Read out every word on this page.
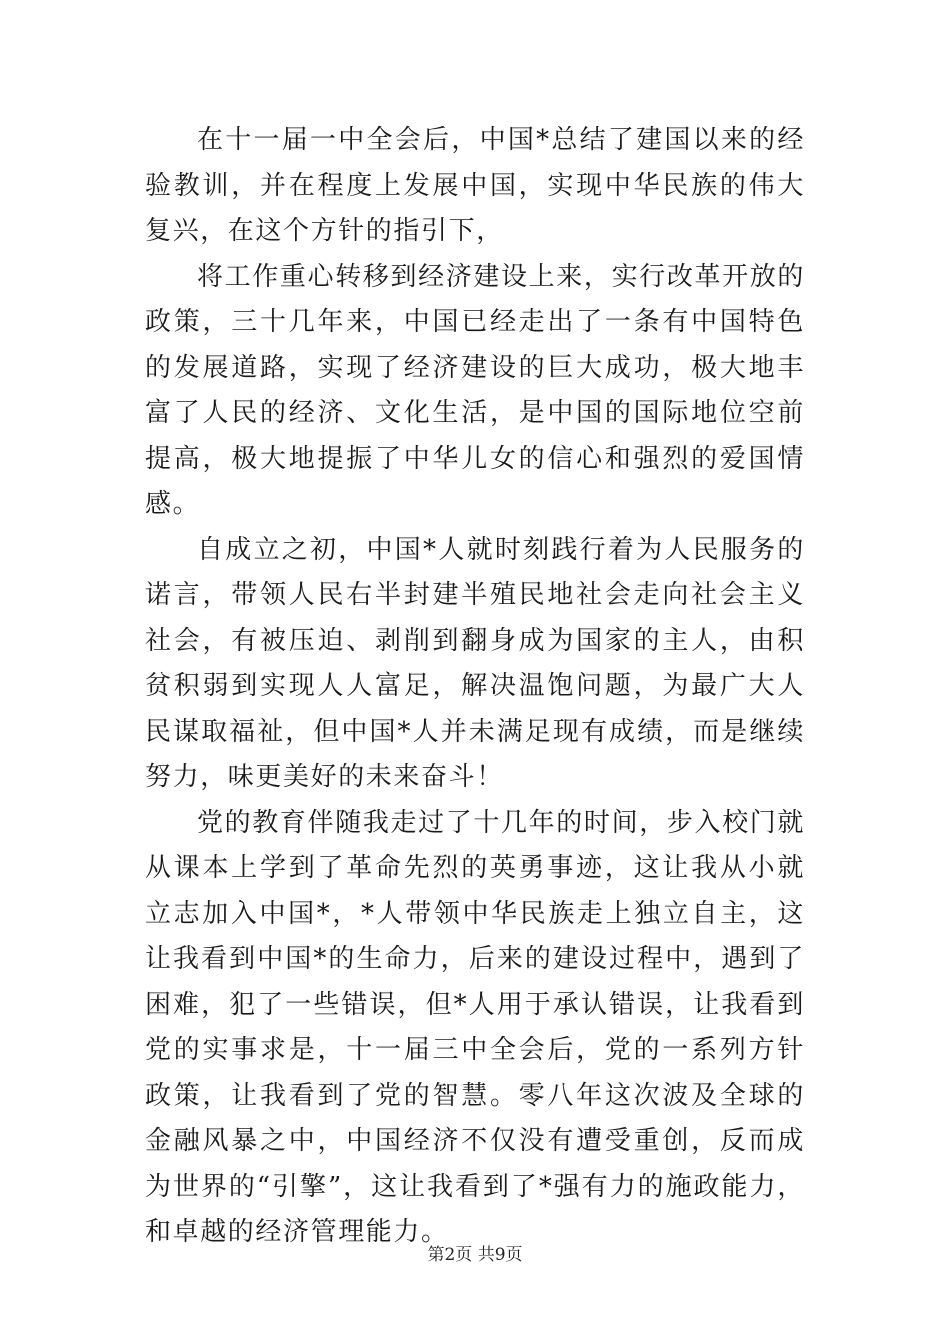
在十一届一中全会后，中国*总结了建国以来的经验教训，并在程度上发展中国，实现中华民族的伟大复兴，在这个方针的指引下，

将工作重心转移到经济建设上来，实行改革开放的政策，三十几年来，中国已经走出了一条有中国特色的发展道路，实现了经济建设的巨大成功，极大地丰富了人民的经济、文化生活，是中国的国际地位空前提高，极大地提振了中华儿女的信心和强烈的爱国情感。

自成立之初，中国*人就时刻践行着为人民服务的诺言，带领人民右半封建半殖民地社会走向社会主义社会，有被压迫、剥削到翻身成为国家的主人，由积贫积弱到实现人人富足，解决温饱问题，为最广大人民谋取福祉，但中国*人并未满足现有成绩，而是继续努力，味更美好的未来奋斗！

党的教育伴随我走过了十几年的时间，步入校门就从课本上学到了革命先烈的英勇事迹，这让我从小就立志加入中国*，*人带领中华民族走上独立自主，这让我看到中国*的生命力，后来的建设过程中，遇到了困难，犯了一些错误，但*人用于承认错误，让我看到党的实事求是，十一届三中全会后，党的一系列方针政策，让我看到了党的智慧。零八年这次波及全球的金融风暴之中，中国经济不仅没有遭受重创，反而成为世界的“引擎”，这让我看到了*强有力的施政能力，和卓越的经济管理能力。

第2页 共9页
